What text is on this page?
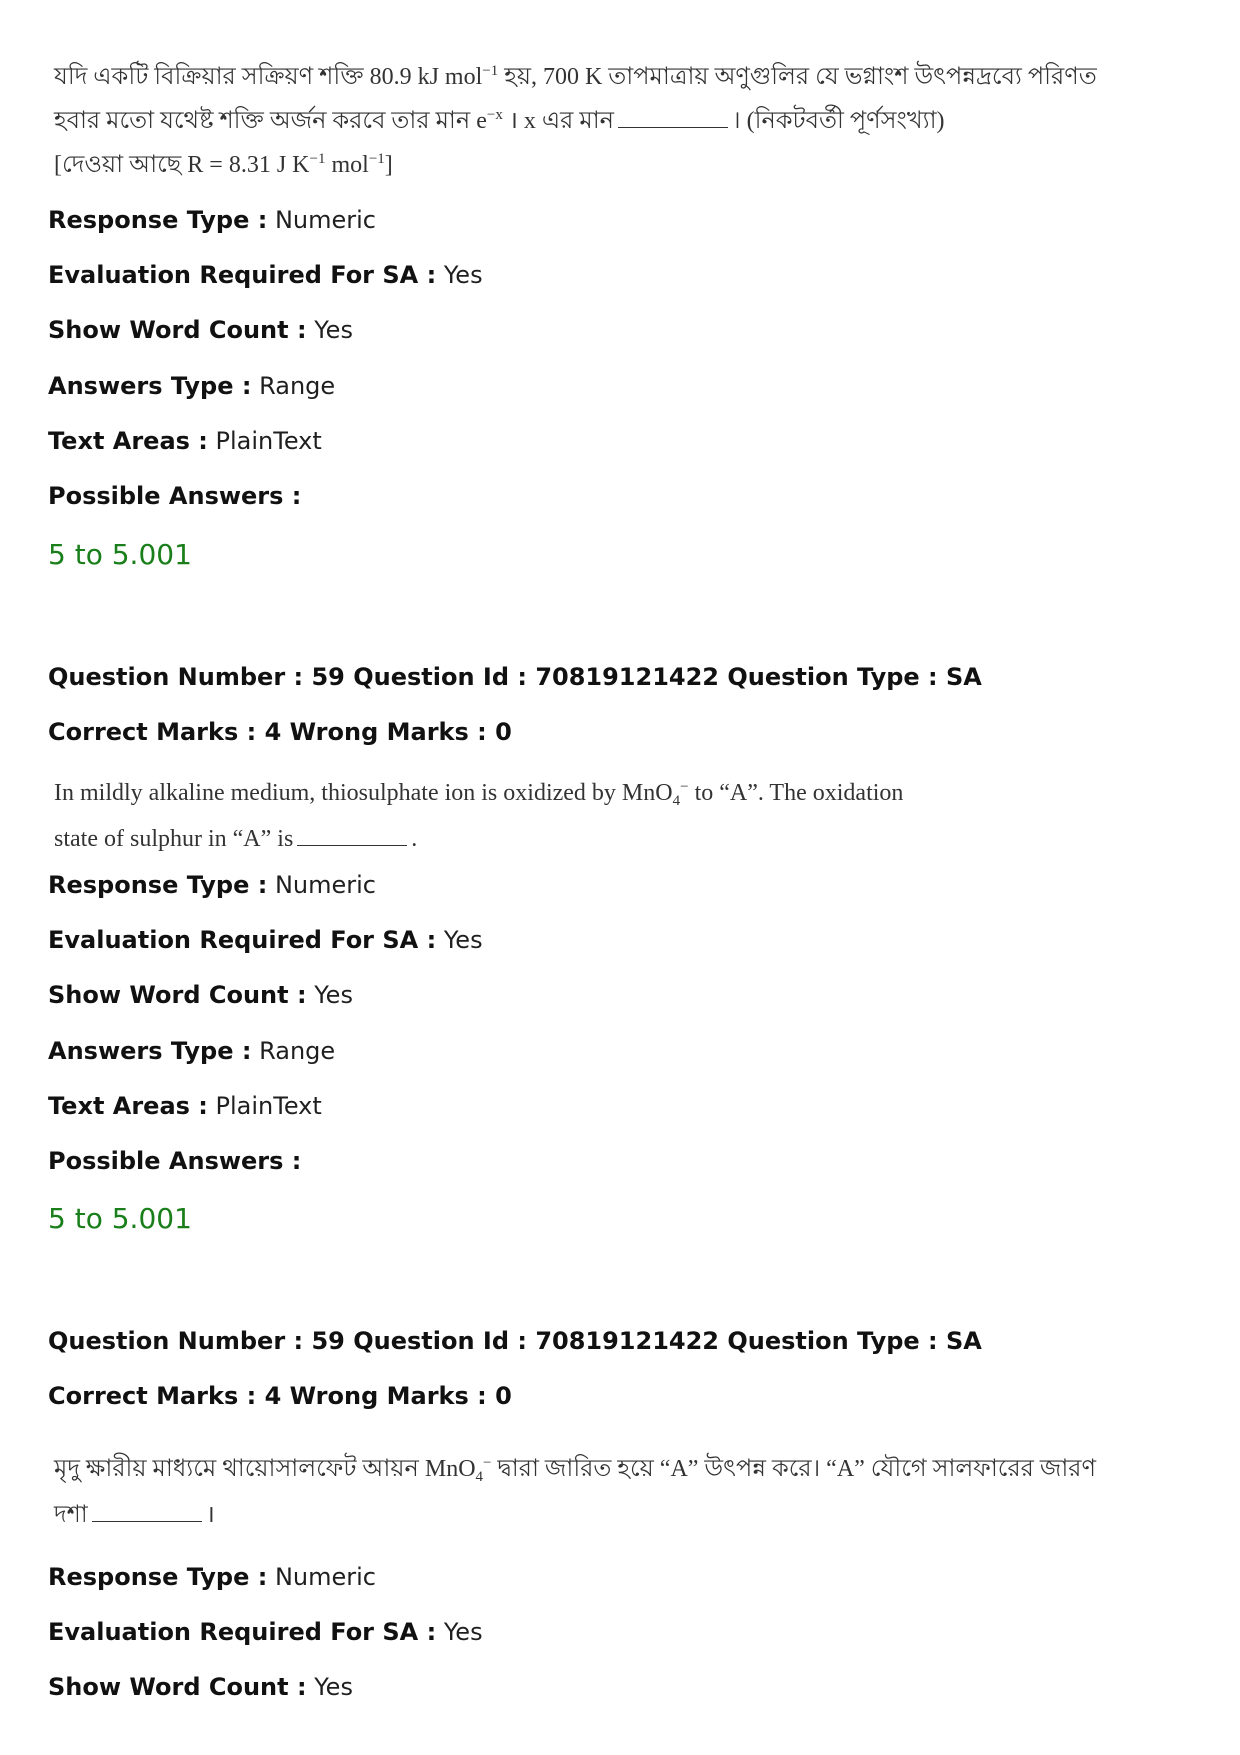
যদি একটি বিক্রিয়ার সক্রিয়ণ শক্তি 80.9 kJ mol$^{-1}$ হয়, 700 K তাপমাত্রায় অণুগুলির যে ভগ্নাংশ উৎপন্নদ্রব্যে পরিণত
হবার মতো যথেষ্ট শক্তি অর্জন করবে তার মান $e^{-x}$ । x এর মান	। (নিকটবর্তী পূর্ণসংখ্যা)
[দেওয়া আছে R = 8.31 J $K^{-1}$ mol$^{-1}$]
Response Type : Numeric
Evaluation Required For SA : Yes
Show Word Count : Yes
Answers Type : Range
Text Areas : PlainText
Possible Answers :
5 to 5.001
Question Number : 59 Question Id : 70819121422 Question Type : SA
Correct Marks : 4 Wrong Marks : 0
In mildly alkaline medium, thiosulphate ion is oxidized by MnO$_4$− to “A”. The oxidation
state of sulphur in “A” is	.
Response Type : Numeric
Evaluation Required For SA : Yes
Show Word Count : Yes
Answers Type : Range
Text Areas : PlainText
Possible Answers :
5 to 5.001
Question Number : 59 Question Id : 70819121422 Question Type : SA
Correct Marks : 4 Wrong Marks : 0
মৃদু ক্ষারীয় মাধ্যমে থায়োসালফেট আয়ন MnO$_4$− দ্বারা জারিত হয়ে “A” উৎপন্ন করে। “A” যৌগে সালফারের জারণ
দশা	।
Response Type : Numeric
Evaluation Required For SA : Yes
Show Word Count : Yes
